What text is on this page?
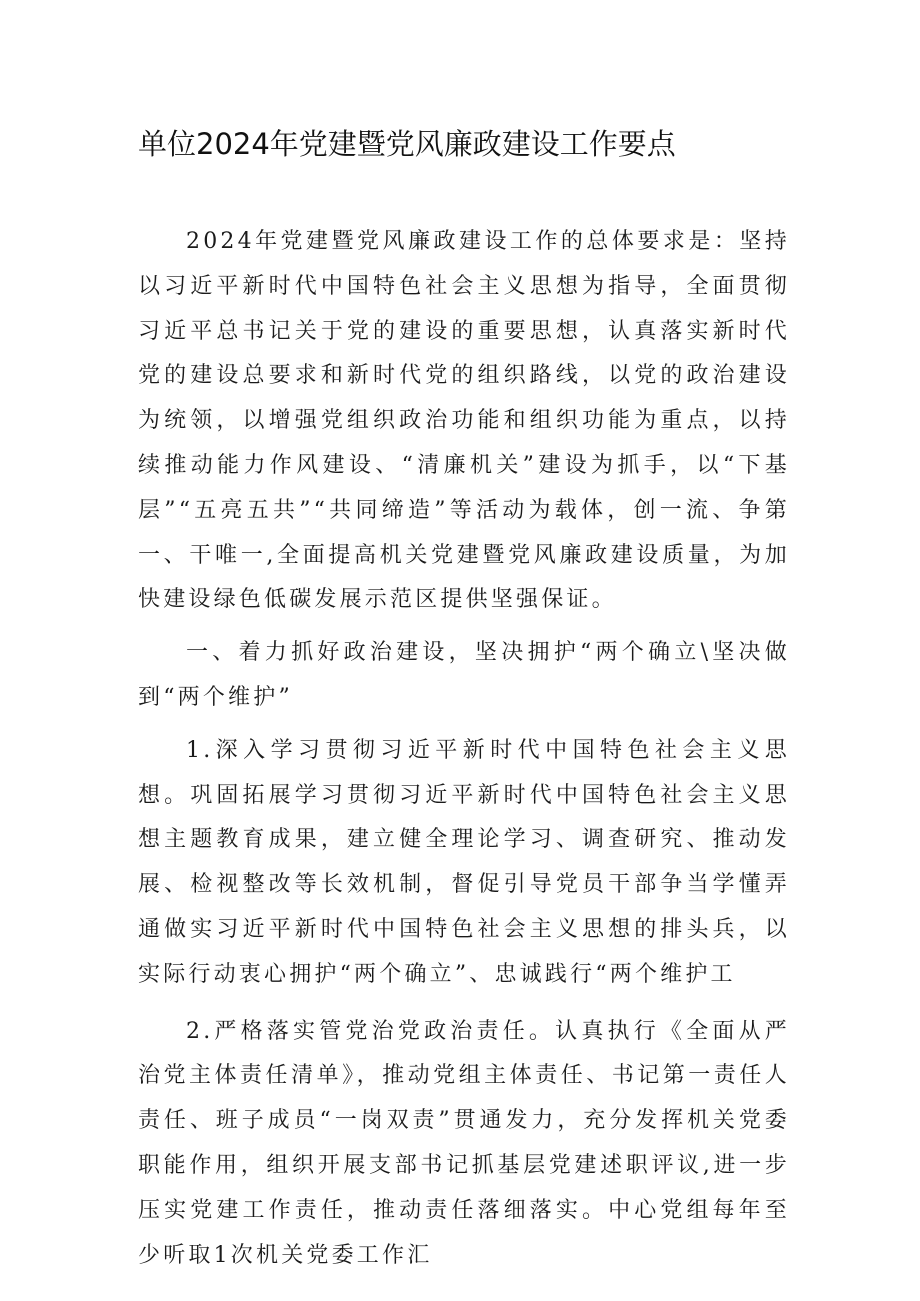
单位2024年党建暨党风廉政建设工作要点

2024年党建暨党风廉政建设工作的总体要求是：坚持以习近平新时代中国特色社会主义思想为指导，全面贯彻习近平总书记关于党的建设的重要思想，认真落实新时代党的建设总要求和新时代党的组织路线，以党的政治建设为统领，以增强党组织政治功能和组织功能为重点，以持续推动能力作风建设、“清廉机关”建设为抓手，以“下基层”“五亮五共”“共同缔造”等活动为载体，创一流、争第一、干唯一,全面提高机关党建暨党风廉政建设质量，为加快建设绿色低碳发展示范区提供坚强保证。

一、着力抓好政治建设，坚决拥护“两个确立\坚决做到“两个维护”

1.深入学习贯彻习近平新时代中国特色社会主义思想。巩固拓展学习贯彻习近平新时代中国特色社会主义思想主题教育成果，建立健全理论学习、调查研究、推动发展、检视整改等长效机制，督促引导党员干部争当学懂弄通做实习近平新时代中国特色社会主义思想的排头兵，以实际行动衷心拥护“两个确立”、忠诚践行“两个维护工

2.严格落实管党治党政治责任。认真执行《全面从严治党主体责任清单》，推动党组主体责任、书记第一责任人责任、班子成员“一岗双责”贯通发力，充分发挥机关党委职能作用，组织开展支部书记抓基层党建述职评议,进一步压实党建工作责任，推动责任落细落实。中心党组每年至少听取1次机关党委工作汇
